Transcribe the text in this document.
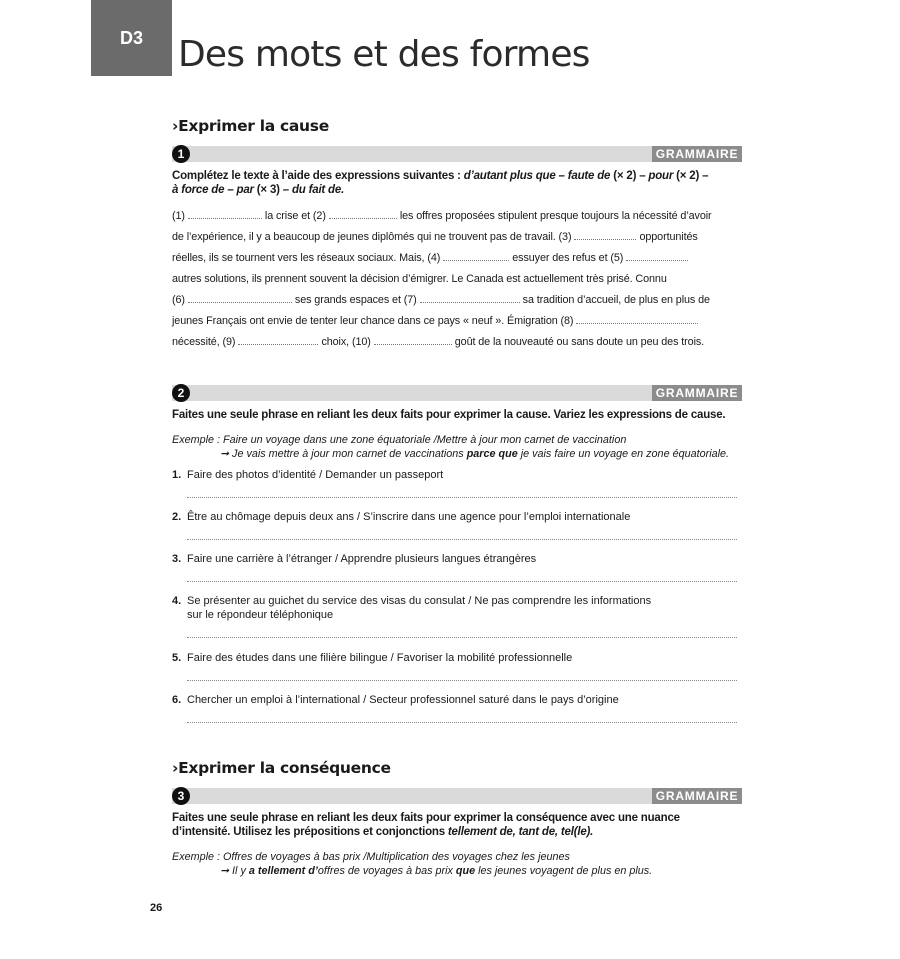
D3 Des mots et des formes
›Exprimer la cause
1	GRAMMAIRE

Complétez le texte à l’aide des expressions suivantes : d’autant plus que – faute de (× 2) – pour (× 2) –
à force de – par (× 3) – du fait de.

(1)	la crise et (2)	les offres proposées stipulent presque toujours la nécessité d’avoir
de l’expérience, il y a beaucoup de jeunes diplômés qui ne trouvent pas de travail. (3)	opportunités
réelles, ils se tournent vers les réseaux sociaux. Mais, (4)	essuyer des refus et (5)
autres solutions, ils prennent souvent la décision d’émigrer. Le Canada est actuellement très prisé. Connu
(6)	ses grands espaces et (7)	sa tradition d’accueil, de plus en plus de
jeunes Français ont envie de tenter leur chance dans ce pays « neuf ». Émigration (8)
nécessité, (9)	choix, (10)	goût de la nouveauté ou sans doute un peu des trois.
2	GRAMMAIRE

Faites une seule phrase en reliant les deux faits pour exprimer la cause. Variez les expressions de cause.

Exemple : Faire un voyage dans une zone équatoriale /Mettre à jour mon carnet de vaccination
➞ Je vais mettre à jour mon carnet de vaccinations parce que je vais faire un voyage en zone équatoriale.
1. Faire des photos d’identité / Demander un passeport
2. Être au chômage depuis deux ans / S’inscrire dans une agence pour l’emploi internationale
3. Faire une carrière à l’étranger / Apprendre plusieurs langues étrangères
4. Se présenter au guichet du service des visas du consulat / Ne pas comprendre les informations
sur le répondeur téléphonique
5. Faire des études dans une filière bilingue / Favoriser la mobilité professionnelle
6. Chercher un emploi à l’international / Secteur professionnel saturé dans le pays d’origine
›Exprimer la conséquence
3	GRAMMAIRE

Faites une seule phrase en reliant les deux faits pour exprimer la conséquence avec une nuance
d’intensité. Utilisez les prépositions et conjonctions tellement de, tant de, tel(le).

Exemple : Offres de voyages à bas prix /Multiplication des voyages chez les jeunes
➞ Il y a tellement d’offres de voyages à bas prix que les jeunes voyagent de plus en plus.
26
